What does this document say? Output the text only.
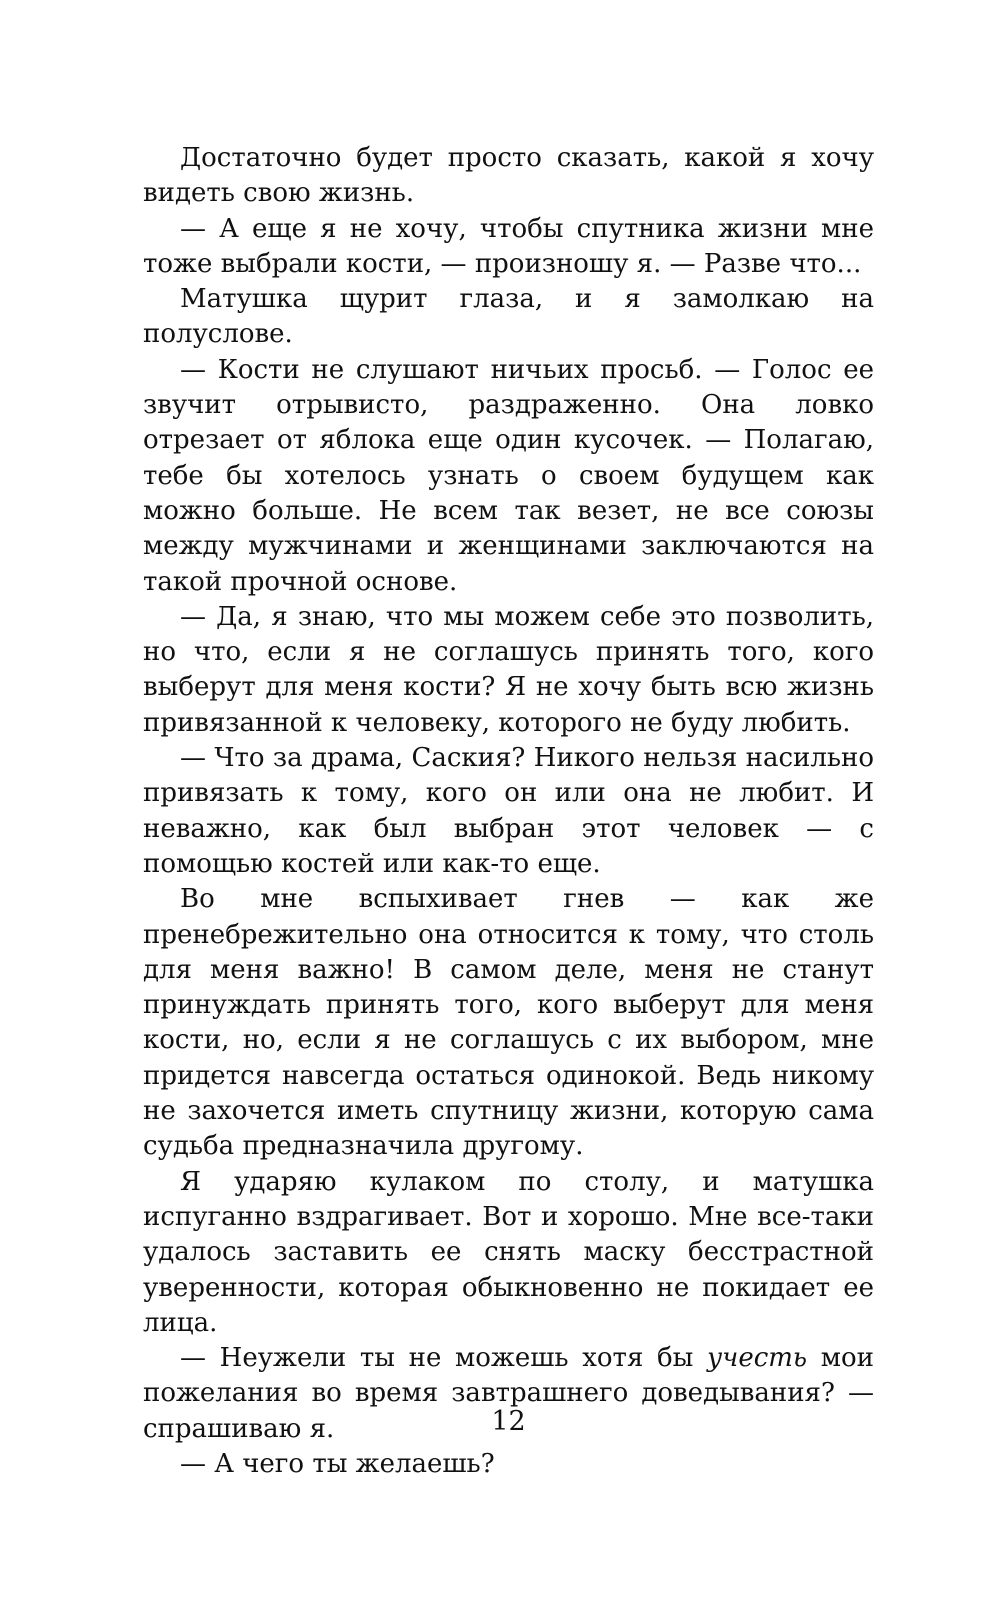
Достаточно будет просто сказать, какой я хочу видеть свою жизнь.

— А еще я не хочу, чтобы спутника жизни мне тоже выбрали кости, — произношу я. — Разве что...

Матушка щурит глаза, и я замолкаю на полуслове.

— Кости не слушают ничьих просьб. — Голос ее звучит отрывисто, раздраженно. Она ловко отрезает от яблока еще один кусочек. — Полагаю, тебе бы хотелось узнать о своем будущем как можно больше. Не всем так везет, не все союзы между мужчинами и женщинами заключаются на такой прочной основе.

— Да, я знаю, что мы можем себе это позволить, но что, если я не соглашусь принять того, кого выберут для меня кости? Я не хочу быть всю жизнь привязанной к человеку, которого не буду любить.

— Что за драма, Саския? Никого нельзя насильно привязать к тому, кого он или она не любит. И неважно, как был выбран этот человек — с помощью костей или как-то еще.

Во мне вспыхивает гнев — как же пренебрежительно она относится к тому, что столь для меня важно! В самом деле, меня не станут принуждать принять того, кого выберут для меня кости, но, если я не соглашусь с их выбором, мне придется навсегда остаться одинокой. Ведь никому не захочется иметь спутницу жизни, которую сама судьба предназначила другому.

Я ударяю кулаком по столу, и матушка испуганно вздрагивает. Вот и хорошо. Мне все-таки удалось заставить ее снять маску бесстрастной уверенности, которая обыкновенно не покидает ее лица.

— Неужели ты не можешь хотя бы учесть мои пожелания во время завтрашнего доведывания? — спрашиваю я.

— А чего ты желаешь?

12
